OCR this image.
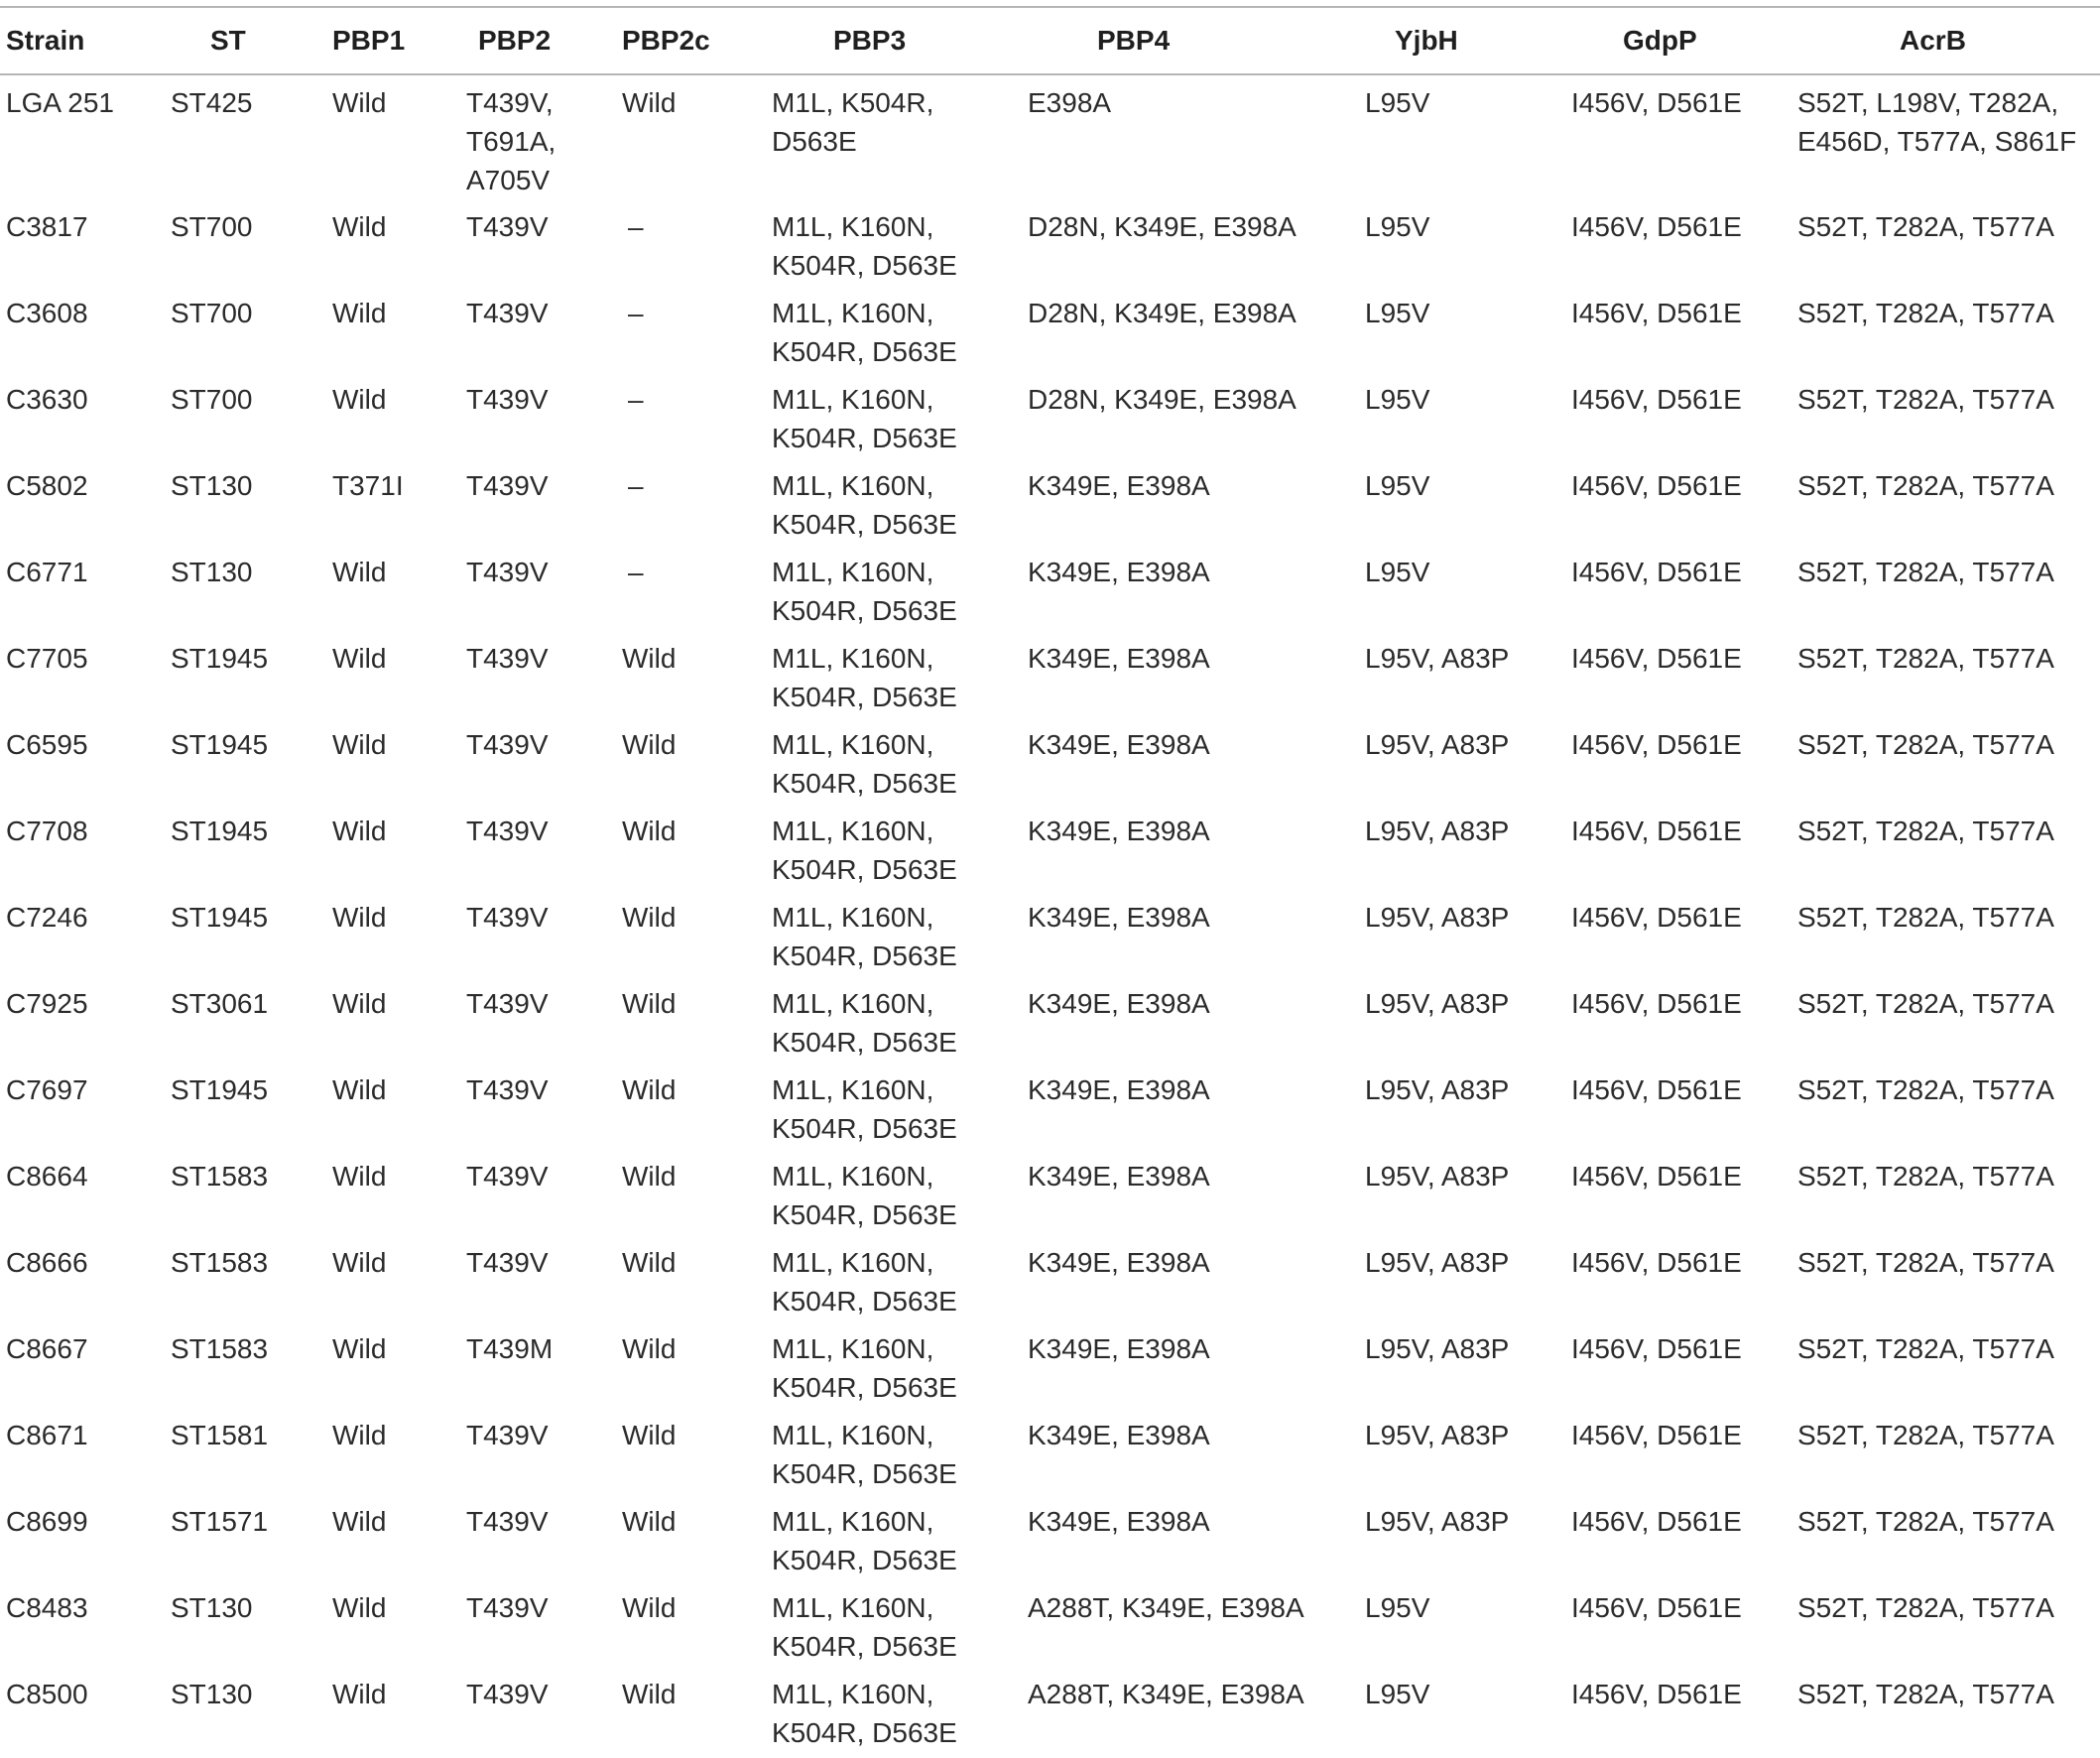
Strain	ST	PBP1	PBP2	PBP2c	PBP3	PBP4	YjbH	GdpP	AcrB
LGA 251	ST425	Wild	T439V, T691A, A705V	Wild	M1L, K504R, D563E	E398A	L95V	I456V, D561E	S52T, L198V, T282A, E456D, T577A, S861F
C3817	ST700	Wild	T439V	–	M1L, K160N, K504R, D563E	D28N, K349E, E398A	L95V	I456V, D561E	S52T, T282A, T577A
C3608	ST700	Wild	T439V	–	M1L, K160N, K504R, D563E	D28N, K349E, E398A	L95V	I456V, D561E	S52T, T282A, T577A
C3630	ST700	Wild	T439V	–	M1L, K160N, K504R, D563E	D28N, K349E, E398A	L95V	I456V, D561E	S52T, T282A, T577A
C5802	ST130	T371I	T439V	–	M1L, K160N, K504R, D563E	K349E, E398A	L95V	I456V, D561E	S52T, T282A, T577A
C6771	ST130	Wild	T439V	–	M1L, K160N, K504R, D563E	K349E, E398A	L95V	I456V, D561E	S52T, T282A, T577A
C7705	ST1945	Wild	T439V	Wild	M1L, K160N, K504R, D563E	K349E, E398A	L95V, A83P	I456V, D561E	S52T, T282A, T577A
C6595	ST1945	Wild	T439V	Wild	M1L, K160N, K504R, D563E	K349E, E398A	L95V, A83P	I456V, D561E	S52T, T282A, T577A
C7708	ST1945	Wild	T439V	Wild	M1L, K160N, K504R, D563E	K349E, E398A	L95V, A83P	I456V, D561E	S52T, T282A, T577A
C7246	ST1945	Wild	T439V	Wild	M1L, K160N, K504R, D563E	K349E, E398A	L95V, A83P	I456V, D561E	S52T, T282A, T577A
C7925	ST3061	Wild	T439V	Wild	M1L, K160N, K504R, D563E	K349E, E398A	L95V, A83P	I456V, D561E	S52T, T282A, T577A
C7697	ST1945	Wild	T439V	Wild	M1L, K160N, K504R, D563E	K349E, E398A	L95V, A83P	I456V, D561E	S52T, T282A, T577A
C8664	ST1583	Wild	T439V	Wild	M1L, K160N, K504R, D563E	K349E, E398A	L95V, A83P	I456V, D561E	S52T, T282A, T577A
C8666	ST1583	Wild	T439V	Wild	M1L, K160N, K504R, D563E	K349E, E398A	L95V, A83P	I456V, D561E	S52T, T282A, T577A
C8667	ST1583	Wild	T439M	Wild	M1L, K160N, K504R, D563E	K349E, E398A	L95V, A83P	I456V, D561E	S52T, T282A, T577A
C8671	ST1581	Wild	T439V	Wild	M1L, K160N, K504R, D563E	K349E, E398A	L95V, A83P	I456V, D561E	S52T, T282A, T577A
C8699	ST1571	Wild	T439V	Wild	M1L, K160N, K504R, D563E	K349E, E398A	L95V, A83P	I456V, D561E	S52T, T282A, T577A
C8483	ST130	Wild	T439V	Wild	M1L, K160N, K504R, D563E	A288T, K349E, E398A	L95V	I456V, D561E	S52T, T282A, T577A
C8500	ST130	Wild	T439V	Wild	M1L, K160N, K504R, D563E	A288T, K349E, E398A	L95V	I456V, D561E	S52T, T282A, T577A
